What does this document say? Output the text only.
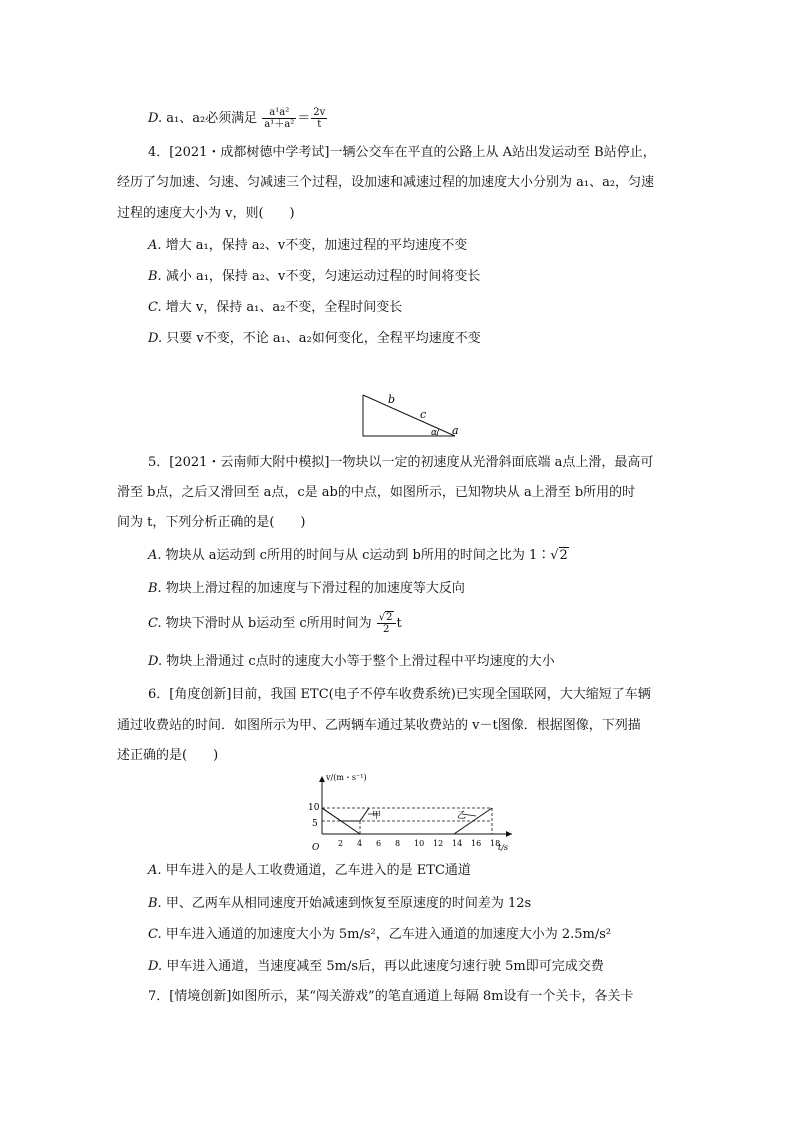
D. a₁、a₂必须满足 $\frac{\text{a¹a²}}{\text{a¹＋a²}} = \frac{2v}{t}$
4．[2021・成都树德中学考试]一辆公交车在平直的公路上从 A站出发运动至 B站停止，
经历了匀加速、匀速、匀减速三个过程，设加速和减速过程的加速度大小分别为 a₁、a₂，匀速
过程的速度大小为 v，则(　　)
A. 增大 a₁，保持 a₂、v不变，加速过程的平均速度不变
B. 减小 a₁，保持 a₂、v不变，匀速运动过程的时间将变长
C. 增大 v，保持 a₁、a₂不变，全程时间变长
D. 只要 v不变，不论 a₁、a₂如何变化，全程平均速度不变
b
c
α a
5．[2021・云南师大附中模拟]一物块以一定的初速度从光滑斜面底端 a点上滑，最高可
滑至 b点，之后又滑回至 a点，c是 ab的中点，如图所示，已知物块从 a上滑至 b所用的时
间为 t，下列分析正确的是(　　)
A. 物块从 a运动到 c所用的时间与从 c运动到 b所用的时间之比为 1∶√2
B. 物块上滑过程的加速度与下滑过程的加速度等大反向
C. 物块下滑时从 b运动至 c所用时间为 $\frac{√2}{2}$ t
D. 物块上滑通过 c点时的速度大小等于整个上滑过程中平均速度的大小
6．[角度创新]目前，我国 ETC(电子不停车收费系统)已实现全国联网，大大缩短了车辆
通过收费站的时间．如图所示为甲、乙两辆车通过某收费站的 v－t图像．根据图像，下列描
述正确的是(　　)
v/(m・s⁻¹)
t/s
O
10
5
2 4 6 8 10 12 14 16 18
甲	乙
A. 甲车进入的是人工收费通道，乙车进入的是 ETC通道
B. 甲、乙两车从相同速度开始减速到恢复至原速度的时间差为 12s
C. 甲车进入通道的加速度大小为 5m/s²，乙车进入通道的加速度大小为 2.5m/s²
D. 甲车进入通道，当速度减至 5m/s后，再以此速度匀速行驶 5m即可完成交费
7．[情境创新]如图所示，某“闯关游戏”的笔直通道上每隔 8m设有一个关卡，各关卡
